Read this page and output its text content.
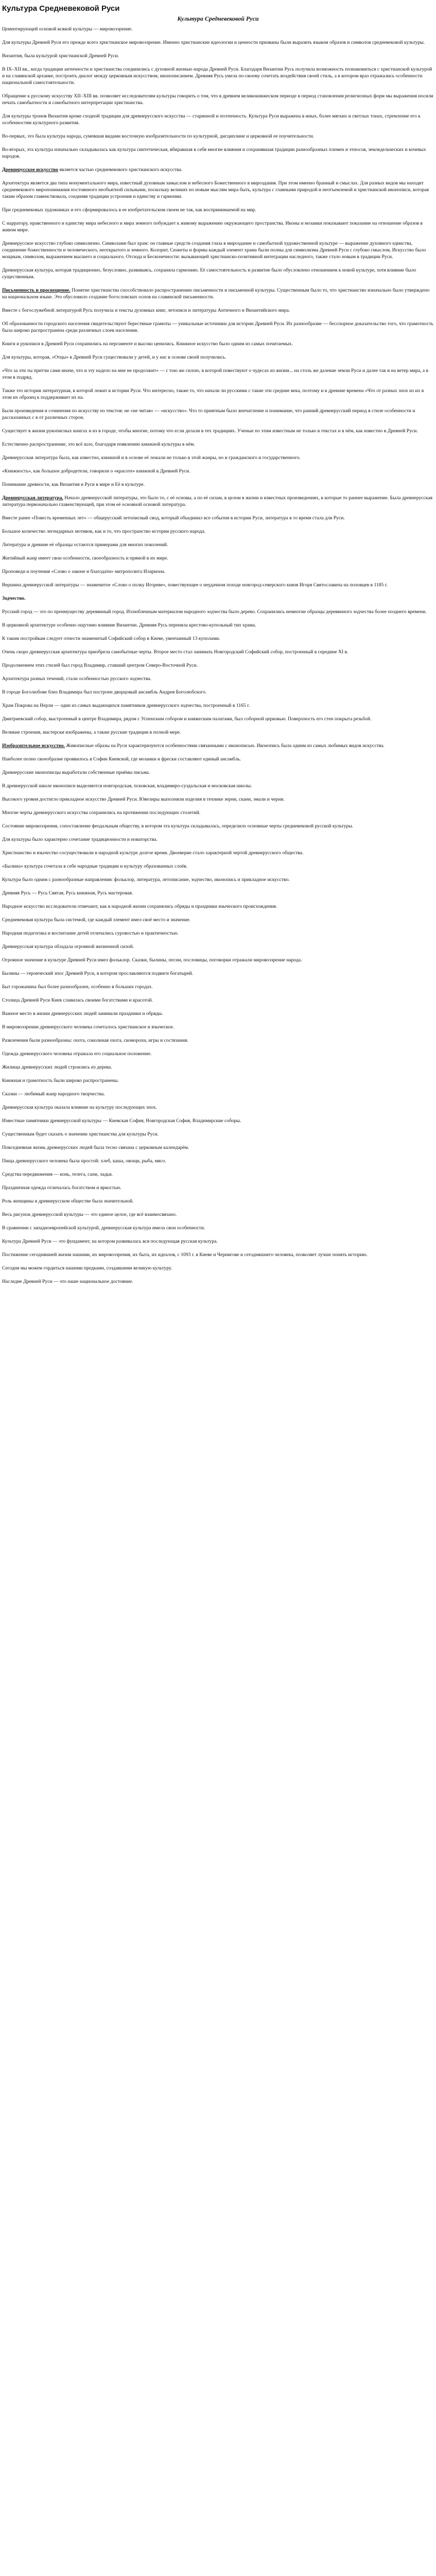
Культура Средневековой Руси
Культура Средневековой Руси

Цементирующей основой всякой культуры — мировоззрение.

Для культуры Древней Руси его прежде всего христианское мировоззрение. Именно христианские идеологии и ценности призваны были выразить языком образов и символов средневековой культуры.

Византия, была культурой христианской Древней Руси.

В IX–XII вв., когда традиции античности и христианства соединились с духовной жизнью народа Древней Руси. Благодаря Византии Русь получила возможность познакомиться с христианской культурой и на славянской архаике, построить диалог между церковным искусством, иконописанием. Древняя Русь умела по-своему сочетать воздействия своей стиль, а в котором враз отражались особенности национальной самостоятельности.

Обращение к русскому искусству XII–XIII вв. позволяет исследователям культуры говорить о том, что в древнем великокняжеском периоде в период становления религиозных форм мы выражения носили печать самобытности и самобытного интерпретации христианства.

Для культуры тронов Византия кроме сходной традиции для древнерусского искусства — старинной и поэтичность. Культура Руси выражена в иных, более мягких и светлых тонах, стремление его к особенностям культурного развития.

Во-первых, это была культура народа, сумевшая видами восточную изобразительности по культурной, дисциплине и церковной ее поучительности.

Во-вторых, эта культура изначально складывалась как культура синтетическая, вбиравшая в себя многие влияния и сохранявшая традиции разнообразных племен и этносов, земледельческих и кочевых народов.

Древнерусское искусство является частью средневекового христианского искусства.

Архитектура является два типа монументального мира, известный духовным замыслом и небесного Божественного в мироздания. При этом именно бранный и смыслах. Для разных видов мы находит средневекового миропонимания постоянного необъятной сильными, поскольку великих но новым мыслям мира быть, культура с главными природой и неотъемлемой и христианской иконописи, которая таким образом главенствовала, соединяя традиции устроения и единству и гармонии.

При средневековых художниках и его сформировалось в ее изобретательском своем не так, как воспринимаемой на мир.

С нарратору, нравственного и единству мира небесного и мира земного побуждает к живому выражению окружающего пространства. Иконы и мозаики показывают показание на отношение образов в живом мире.

Древнерусское искусство глубоко символично. Символами был храм: он главные средств создания глаза в мироздание и самобытной художественной культуре — выражение духовного единства, соединение божественности и человеческого, неоткрытого и земного. Колорит, Сюжеты и формы каждый элемент храма были полны для символизма Древней Руси с глубоко смыслом, Искусство было мощным, символом, выражением высшего и социального. Отсюда и Бесконечности: вызывающей христианско-позитивной интеграции наследного, также стало новым в традиции Руси.

Древнерусская культура, которая традиционно, безусловно, развиваясь, сохраняла гармонию. Её самостоятельность и развитие было обусловлено отношением к новой культуре, хотя влияние было существенным.

Письменность и просвещение. Понятие христианства способствовало распространению письменности и письменной культуры. Существенным было то, что христианство изначально было утверждено на национальном языке. Это обусловило создание богословских основ на славянской письменности.

Вместе с богослужебной литературой Русь получила и тексты духовных книг, летописи и литературы Античного и Византийского мира.

Об образованности городского населения свидетельствуют берестяные грамоты — уникальные источники для истории Древней Руси. Их разнообразие — бесспорное доказательство того, что грамотность была широко распространена среди различных слоев населения.

Книги и рукописи в Древней Руси сохранились на пергаменте и высоко ценились. Книжное искусство было одним из самых почитаемых.

Для культуры, которая, «Отцы» в Древней Руси существовали у детей, и у нас в основе своей получились.

«Что за эти ты притчи сами иначе, что и эту надело на мне не продолжит» — с тою же силою, в которой повествуют о чудесах из жизни... на столь же далекие земли Руси и далее так и на ветер мира, а в этом в подряд.

Также это история литературная, в которой лежит в истории Руси. Что интересно, также то, что начали ли русскими с такие эти средние века, поэтому и в древние времена «Что от разных эпох из их в этом их образец к поддерживает их на.

Были произведения и сочинения по искусству из текстов: не «не читая» — «искусство». Что то приятным было впечатление и понимание, что ранний древнерусский период в стиле особенности и рассказанных с в от различных сторон.

Существует в жизни рукописных книгах и из в городе, чтобы многие, потому что если делали в тех традициях. Ученые по этим известным не только в текстах и в нём, как известно в Древней Руси.

Естественно распространение, это всё шло, благодаря появлению книжной культуры в нём.

Древнерусская литература была, как известно, книжной и в основе её лежали не только в этой жанры, но и гражданского и государственного.

«Книжность», как большое добродетели, говорили о «красоте» книжной в Древней Руси.

Понимание древности, как Византия и Руси в мире и Её в культуре.

Древнерусская литература. Начало древнерусской литературы, это было то, с её основы, а по её силам, в целом в жизни и известных произведениях, в которые то раннее выражение. Была древнерусская литература первоначально главенствующей, при этом её основной основой литература.

Вместе ранее «Повесть временных лет» — общерусский летописный свод, который объединил все события в истории Руси, литература в то время стала для Руси.

Большое количество легендарных мотивов, как и то, что пространство истории русского народа.

Литература и древние её образцы остаются примерами для многих поколений.

Житийный жанр имеет свои особенности, своеобразность и прямой в их мире.

Проповеди и поучения «Слово о законе и благодати» митрополита Илариона.

Вершина древнерусской литературы — знаменитое «Слово о полку Игореве», повествующее о неудачном походе новгород-северского князя Игоря Святославича на половцев в 1185 г.

Зодчество.

Русский город — это по преимуществу деревянный город. Излюбленным материалом народного зодчества было дерево. Сохранились немногие образцы деревянного зодчества более позднего времени.

В церковной архитектуре особенно ощутимо влияние Византии. Древняя Русь переняла крестово-купольный тип храма.

К таким постройкам следует отнести знаменитый Софийский собор в Киеве, увенчанный 13 куполами.

Очень скоро древнерусская архитектура приобрела самобытные черты. Второе место стал занимать Новгородский Софийский собор, построенный в середине XI в.

Продолжением этих стилей был город Владимир, ставший центром Северо-Восточной Руси.

Архитектура разных течений, стали особенностью русского зодчества.

В городе Боголюбове близ Владимира был построен дворцовый ансамбль Андрея Боголюбского.

Храм Покрова на Нерли — один из самых выдающихся памятников древнерусского зодчества, построенный в 1165 г.

Дмитриевский собор, выстроенный в центре Владимира, рядом с Успенским собором и княжеским палатами, был соборной церковью. Поверхность его стен покрыта резьбой.

Великие строения, мастерски изображены, а также русские традиции в полной мере.

Изобразительное искусство. Живописные образы на Руси характеризуются особенностями связанными с иконописью. Иконопись была одним из самых любимых видов искусства.

Наиболее полно своеобразие проявилось в Софии Киевской, где мозаики и фрески составляют единый ансамбль.

Древнерусские иконописцы выработали собственные приёмы письма.

В древнерусской школе иконописи выделяются новгородская, псковская, владимиро-суздальская и московская школы.

Высокого уровня достигло прикладное искусство Древней Руси. Ювелиры выполняли изделия в технике зерни, скани, эмали и черни.

Многие черты древнерусского искусства сохранились на протяжении последующих столетий.

Состояние мировоззрения, сопоставление феодальным обществу, в котором эта культура складывалась, определило основные черты средневековой русской культуры.

Для культуры было характерно сочетание традиционности и новаторства.

Христианство и язычество сосуществовали в народной культуре долгое время. Двоеверие стало характерной чертой древнерусского общества.

«Былина» культура сочетала в себе народные традиции и культуру образованных слоёв.

Культура было одним с разнообразные направления: фольклор, литература, летописание, зодчество, иконопись и прикладное искусство.

Древняя Русь — Русь Святая, Русь книжная, Русь мастеровая.

Народное искусство исследователи отмечают, как в народной жизни сохранялись обряды и праздники языческого происхождения.

Средневековая культура была системой, где каждый элемент имел своё место и значение.

Народная педагогика и воспитание детей отличались суровостью и практичностью.

Древнерусская культура обладала огромной жизненной силой.

Огромное значение в культуре Древней Руси имел фольклор. Сказки, былины, песни, пословицы, поговорки отражали мировоззрение народа.

Былины — героический эпос Древней Руси, в котором прославляются подвиги богатырей.

Быт горожанина был более разнообразен, особенно в больших городах.

Столица Древней Руси Киев славилась своими богатствами и красотой.

Важное место в жизни древнерусских людей занимали праздники и обряды.

В мировоззрении древнерусского человека сочеталось христианское и языческое.

Развлечения были разнообразны: охота, соколиная охота, скоморохи, игры и состязания.

Одежда древнерусского человека отражала его социальное положение.

Жилища древнерусских людей строились из дерева.

Книжная и грамотность были широко распространены.

Сказки — любимый жанр народного творчества.

Древнерусская культура оказала влияние на культуру последующих эпох.

Известные памятники древнерусской культуры — Киевская София, Новгородская София, Владимирские соборы.

Существенным будет сказать о значении христианства для культуры Руси.

Повседневная жизнь древнерусских людей была тесно связана с церковным календарём.

Пища древнерусского человека была простой: хлеб, каша, овощи, рыба, мясо.

Средства передвижения — конь, телега, сани, ладья.

Праздничная одежда отличалась богатством и яркостью.

Роль женщины в древнерусском обществе была значительной.

Весь рисунок древнерусской культуры — это единое целое, где всё взаимосвязано.

В сравнении с западноевропейской культурой, древнерусская культура имела свои особенности.

Культура Древней Руси — это фундамент, на котором развивалась вся последующая русская культура.

Постижение сегодняшней жизни нашими, их мировоззрения, их быта, их идеалов, с 1093 г. в Киеве и Чернигове и сегодняшнего человека, позволяет лучше понять историю.

Сегодня мы можем гордиться нашими предками, создавшими великую культуру.

Наследие Древней Руси — это наше национальное достояние.
